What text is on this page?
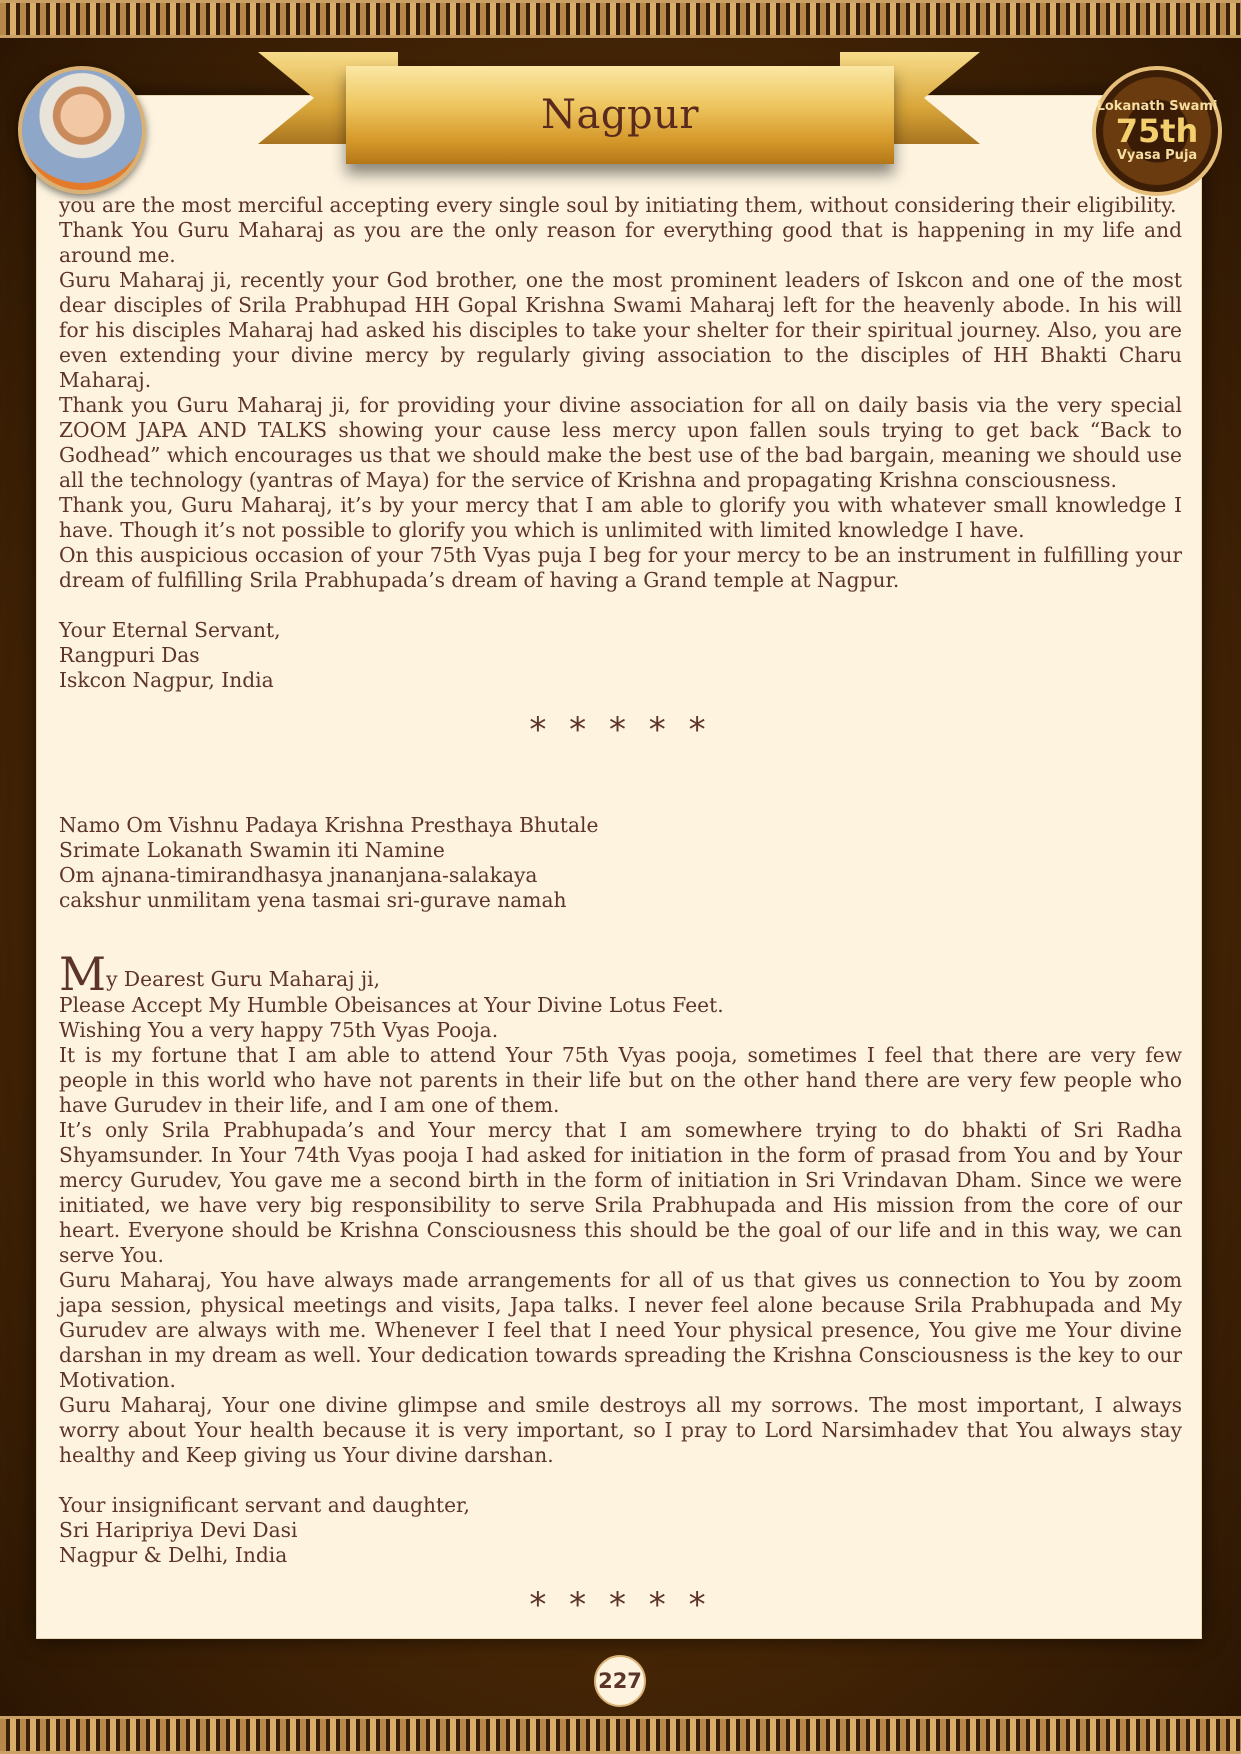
Nagpur	Lokanath Swami
75th
Vyasa Puja

you are the most merciful accepting every single soul by initiating them, without considering their eligibility.

Thank You Guru Maharaj as you are the only reason for everything good that is happening in my life and around me.

Guru Maharaj ji, recently your God brother, one the most prominent leaders of Iskcon and one of the most dear disciples of Srila Prabhupad HH Gopal Krishna Swami Maharaj left for the heavenly abode. In his will for his disciples Maharaj had asked his disciples to take your shelter for their spiritual journey. Also, you are even extending your divine mercy by regularly giving association to the disciples of HH Bhakti Charu Maharaj.

Thank you Guru Maharaj ji, for providing your divine association for all on daily basis via the very special ZOOM JAPA AND TALKS showing your cause less mercy upon fallen souls trying to get back “Back to Godhead” which encourages us that we should make the best use of the bad bargain, meaning we should use all the technology (yantras of Maya) for the service of Krishna and propagating Krishna consciousness.

Thank you, Guru Maharaj, it’s by your mercy that I am able to glorify you with whatever small knowledge I have. Though it’s not possible to glorify you which is unlimited with limited knowledge I have.

On this auspicious occasion of your 75th Vyas puja I beg for your mercy to be an instrument in fulfilling your dream of fulfilling Srila Prabhupada’s dream of having a Grand temple at Nagpur.

Your Eternal Servant,

Rangpuri Das

Iskcon Nagpur, India

* * * * *

Namo Om Vishnu Padaya Krishna Presthaya Bhutale

Srimate Lokanath Swamin iti Namine

Om ajnana-timirandhasya jnananjana-salakaya

cakshur unmilitam yena tasmai sri-gurave namah

My Dearest Guru Maharaj ji,

Please Accept My Humble Obeisances at Your Divine Lotus Feet.

Wishing You a very happy 75th Vyas Pooja.

It is my fortune that I am able to attend Your 75th Vyas pooja, sometimes I feel that there are very few people in this world who have not parents in their life but on the other hand there are very few people who have Gurudev in their life, and I am one of them.

It’s only Srila Prabhupada’s and Your mercy that I am somewhere trying to do bhakti of Sri Radha Shyamsunder. In Your 74th Vyas pooja I had asked for initiation in the form of prasad from You and by Your mercy Gurudev, You gave me a second birth in the form of initiation in Sri Vrindavan Dham. Since we were initiated, we have very big responsibility to serve Srila Prabhupada and His mission from the core of our heart. Everyone should be Krishna Consciousness this should be the goal of our life and in this way, we can serve You.

Guru Maharaj, You have always made arrangements for all of us that gives us connection to You by zoom japa session, physical meetings and visits, Japa talks. I never feel alone because Srila Prabhupada and My Gurudev are always with me. Whenever I feel that I need Your physical presence, You give me Your divine darshan in my dream as well. Your dedication towards spreading the Krishna Consciousness is the key to our Motivation.

Guru Maharaj, Your one divine glimpse and smile destroys all my sorrows. The most important, I always worry about Your health because it is very important, so I pray to Lord Narsimhadev that You always stay healthy and Keep giving us Your divine darshan.

Your insignificant servant and daughter,

Sri Haripriya Devi Dasi

Nagpur & Delhi, India

* * * * *
227
